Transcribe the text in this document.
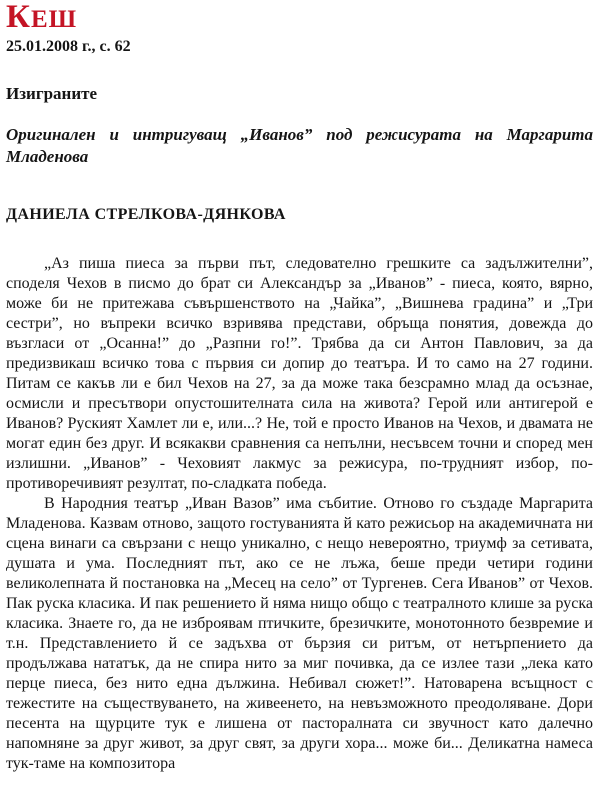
КЕШ
25.01.2008 г., с. 62
Изиграните
Оригинален и интригуващ „Иванов” под режисурата на Маргарита Младенова
ДАНИЕЛА СТРЕЛКОВА-ДЯНКОВА

„Аз пиша пиеса за първи път, следователно грешките са задължителни”, споделя Чехов в писмо до брат си Александър за „Иванов” - пиеса, която, вярно, може би не притежава съвършенството на „Чайка”, „Вишнева градина” и „Три сестри”, но въпреки всичко взривява представи, обръща понятия, довежда до възгласи от „Осанна!” до „Разпни го!”. Трябва да си Антон Павлович, за да предизвикаш всичко това с първия си допир до театъра. И то само на 27 години. Питам се какъв ли е бил Чехов на 27, за да може така безсрамно млад да осъзнае, осмисли и пресътвори опустошителната сила на живота? Герой или антигерой е Иванов? Руският Хамлет ли е, или...? Не, той е просто Иванов на Чехов, и двамата не могат един без друг. И всякакви сравнения са непълни, несъвсем точни и според мен излишни. „Иванов” - Чеховият лакмус за режисура, по-трудният избор, по-противоречивият резултат, по-сладката победа.

В Народния театър „Иван Вазов” има събитие. Отново го създаде Маргарита Младенова. Казвам отново, защото гостуванията й като режисьор на академичната ни сцена винаги са свързани с нещо уникално, с нещо невероятно, триумф за сетивата, душата и ума. Последният път, ако се не лъжа, беше преди четири години великолепната й постановка на „Месец на село” от Тургенев. Сега Иванов” от Чехов. Пак руска класика. И пак решението й няма нищо общо с театралното клише за руска класика. Знаете го, да не изброявам птичките, брезичките, монотонното безвремие и т.н. Представлението й се задъхва от бързия си ритъм, от нетърпението да продължава нататък, да не спира нито за миг почивка, да се излее тази „лека като перце пиеса, без нито една дължина. Небивал сюжет!”. Натоварена всъщност с тежестите на съществуването, на живеенето, на невъзможното преодоляване. Дори песента на щурците тук е лишена от пасторалната си звучност като далечно напомняне за друг живот, за друг свят, за други хора... може би... Деликатна намеса тук-таме на композитора
